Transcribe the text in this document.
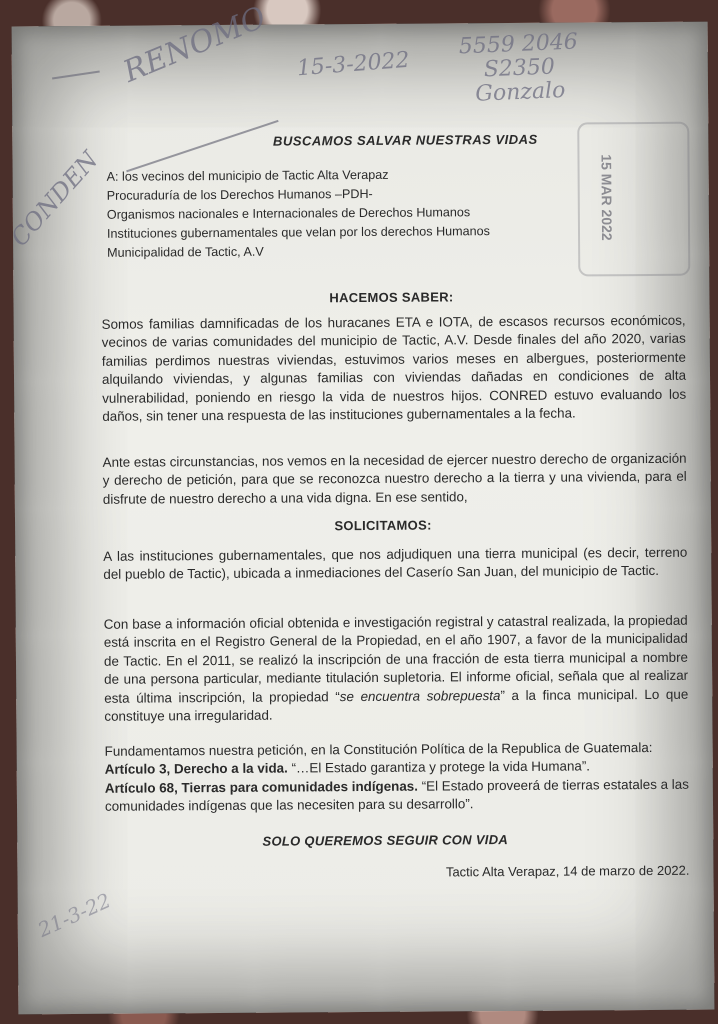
RENOMO 15-3-2022
CONDEN
5559 2046
S2350
Gonzalo
21-3-22
15 MAR 2022
BUSCAMOS SALVAR NUESTRAS VIDAS
A: los vecinos del municipio de Tactic Alta Verapaz
Procuraduría de los Derechos Humanos –PDH-
Organismos nacionales e Internacionales de Derechos Humanos
Instituciones gubernamentales que velan por los derechos Humanos
Municipalidad de Tactic, A.V
HACEMOS SABER:
Somos familias damnificadas de los huracanes ETA e IOTA, de escasos recursos económicos, vecinos de varias comunidades del municipio de Tactic, A.V. Desde finales del año 2020, varias familias perdimos nuestras viviendas, estuvimos varios meses en albergues, posteriormente alquilando viviendas, y algunas familias con viviendas dañadas en condiciones de alta vulnerabilidad, poniendo en riesgo la vida de nuestros hijos. CONRED estuvo evaluando los daños, sin tener una respuesta de las instituciones gubernamentales a la fecha.
Ante estas circunstancias, nos vemos en la necesidad de ejercer nuestro derecho de organización y derecho de petición, para que se reconozca nuestro derecho a la tierra y una vivienda, para el disfrute de nuestro derecho a una vida digna. En ese sentido,
SOLICITAMOS:
A las instituciones gubernamentales, que nos adjudiquen una tierra municipal (es decir, terreno del pueblo de Tactic), ubicada a inmediaciones del Caserío San Juan, del municipio de Tactic.
Con base a información oficial obtenida e investigación registral y catastral realizada, la propiedad está inscrita en el Registro General de la Propiedad, en el año 1907, a favor de la municipalidad de Tactic. En el 2011, se realizó la inscripción de una fracción de esta tierra municipal a nombre de una persona particular, mediante titulación supletoria. El informe oficial, señala que al realizar esta última inscripción, la propiedad “se encuentra sobrepuesta” a la finca municipal. Lo que constituye una irregularidad.
Fundamentamos nuestra petición, en la Constitución Política de la Republica de Guatemala:
Artículo 3, Derecho a la vida. “…El Estado garantiza y protege la vida Humana”.
Artículo 68, Tierras para comunidades indígenas. “El Estado proveerá de tierras estatales a las comunidades indígenas que las necesiten para su desarrollo”.
SOLO QUEREMOS SEGUIR CON VIDA
Tactic Alta Verapaz, 14 de marzo de 2022.
